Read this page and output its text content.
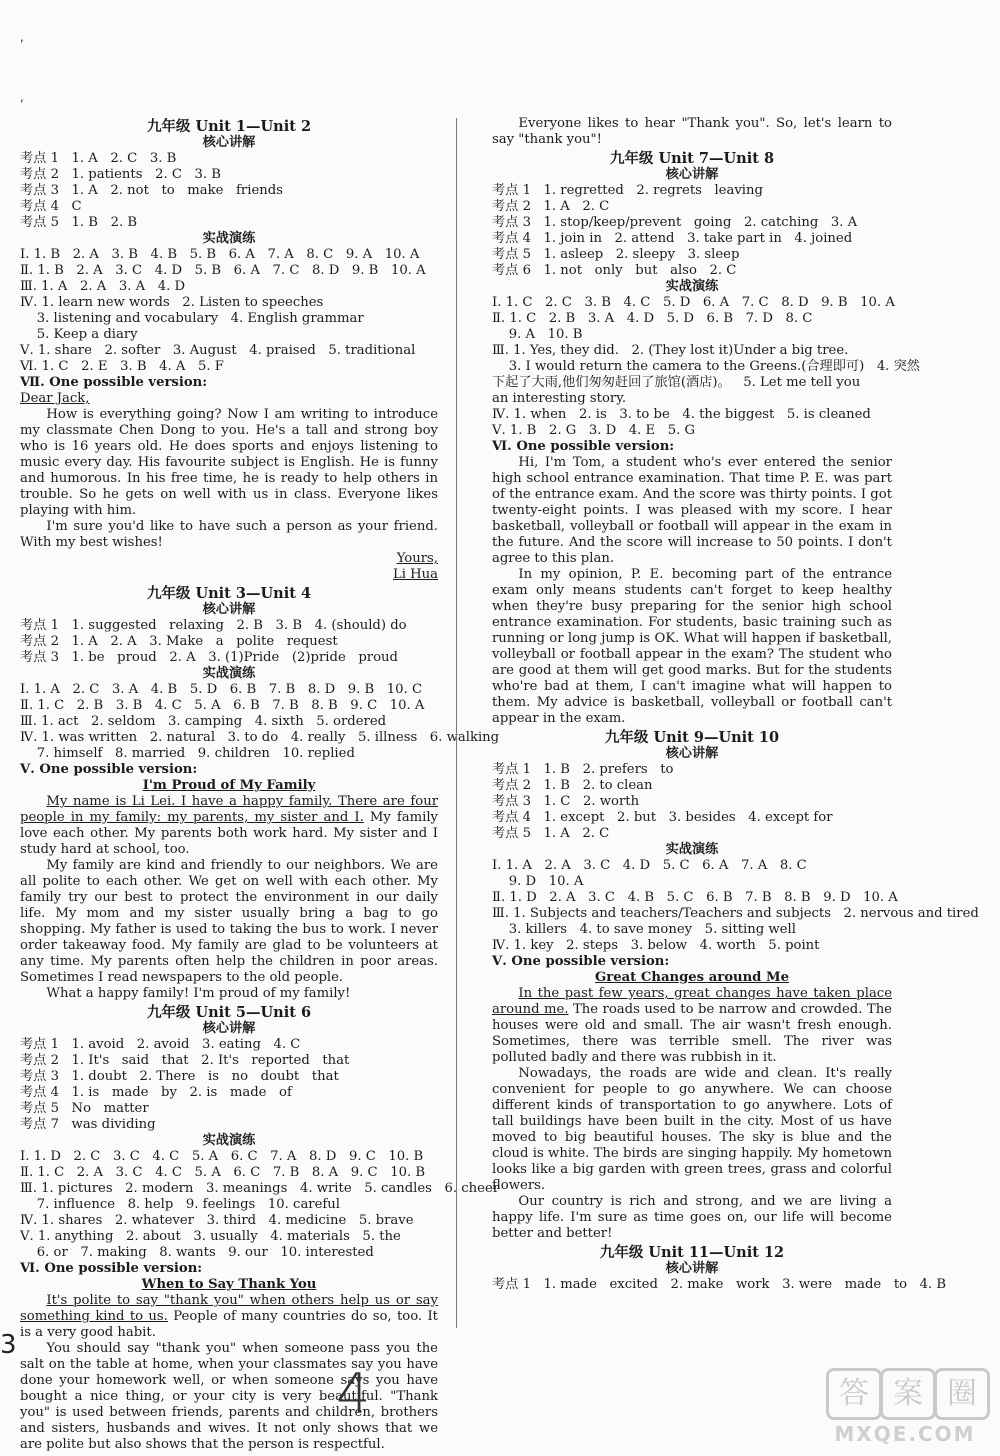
,
,
九年级 Unit 1—Unit 2
核心讲解
考点 1   1. A   2. C   3. B
考点 2   1. patients   2. C   3. B
考点 3   1. A   2. not   to   make   friends
考点 4   C
考点 5   1. B   2. B
实战演练
Ⅰ. 1. B   2. A   3. B   4. B   5. B   6. A   7. A   8. C   9. A   10. A
Ⅱ. 1. B   2. A   3. C   4. D   5. B   6. A   7. C   8. D   9. B   10. A
Ⅲ. 1. A   2. A   3. A   4. D
Ⅳ. 1. learn new words   2. Listen to speeches
3. listening and vocabulary   4. English grammar
5. Keep a diary
Ⅴ. 1. share   2. softer   3. August   4. praised   5. traditional
Ⅵ. 1. C   2. E   3. B   4. A   5. F
Ⅶ. One possible version:
Dear Jack,
How is everything going? Now I am writing to introduce my classmate Chen Dong to you. He's a tall and strong boy who is 16 years old. He does sports and enjoys listening to music every day. His favourite subject is English. He is funny and humorous. In his free time, he is ready to help others in trouble. So he gets on well with us in class. Everyone likes playing with him.
I'm sure you'd like to have such a person as your friend. With my best wishes!
Yours,
Li Hua
九年级 Unit 3—Unit 4
核心讲解
考点 1   1. suggested   relaxing   2. B   3. B   4. (should) do
考点 2   1. A   2. A   3. Make   a   polite   request
考点 3   1. be   proud   2. A   3. (1)Pride   (2)pride   proud
实战演练
Ⅰ. 1. A   2. C   3. A   4. B   5. D   6. B   7. B   8. D   9. B   10. C
Ⅱ. 1. C   2. B   3. B   4. C   5. A   6. B   7. B   8. B   9. C   10. A
Ⅲ. 1. act   2. seldom   3. camping   4. sixth   5. ordered
Ⅳ. 1. was written   2. natural   3. to do   4. really   5. illness   6. walking
7. himself   8. married   9. children   10. replied
Ⅴ. One possible version:
I'm Proud of My Family
My name is Li Lei. I have a happy family. There are four people in my family: my parents, my sister and I. My family love each other. My parents both work hard. My sister and I study hard at school, too.
My family are kind and friendly to our neighbors. We are all polite to each other. We get on well with each other. My family try our best to protect the environment in our daily life. My mom and my sister usually bring a bag to go shopping. My father is used to taking the bus to work. I never order takeaway food. My family are glad to be volunteers at any time. My parents often help the children in poor areas. Sometimes I read newspapers to the old people.
What a happy family! I'm proud of my family!
九年级 Unit 5—Unit 6
核心讲解
考点 1   1. avoid   2. avoid   3. eating   4. C
考点 2   1. It's   said   that   2. It's   reported   that
考点 3   1. doubt   2. There   is   no   doubt   that
考点 4   1. is   made   by   2. is   made   of
考点 5   No   matter
考点 7   was dividing
实战演练
Ⅰ. 1. D   2. C   3. C   4. C   5. A   6. C   7. A   8. D   9. C   10. B
Ⅱ. 1. C   2. A   3. C   4. C   5. A   6. C   7. B   8. A   9. C   10. B
Ⅲ. 1. pictures   2. modern   3. meanings   4. write   5. candles   6. cheer
7. influence   8. help   9. feelings   10. careful
Ⅳ. 1. shares   2. whatever   3. third   4. medicine   5. brave
Ⅴ. 1. anything   2. about   3. usually   4. materials   5. the
6. or   7. making   8. wants   9. our   10. interested
Ⅵ. One possible version:
When to Say Thank You
It's polite to say "thank you" when others help us or say something kind to us. People of many countries do so, too. It is a very good habit.
You should say "thank you" when someone pass you the salt on the table at home, when your classmates say you have done your homework well, or when someone says you have bought a nice thing, or your city is very beautiful. "Thank you" is used between friends, parents and children, brothers and sisters, husbands and wives. It not only shows that we are polite but also shows that the person is respectful.
Everyone likes to hear "Thank you". So, let's learn to say "thank you"!
九年级 Unit 7—Unit 8
核心讲解
考点 1   1. regretted   2. regrets   leaving
考点 2   1. A   2. C
考点 3   1. stop/keep/prevent   going   2. catching   3. A
考点 4   1. join in   2. attend   3. take part in   4. joined
考点 5   1. asleep   2. sleepy   3. sleep
考点 6   1. not   only   but   also   2. C
实战演练
Ⅰ. 1. C   2. C   3. B   4. C   5. D   6. A   7. C   8. D   9. B   10. A
Ⅱ. 1. C   2. B   3. A   4. D   5. D   6. B   7. D   8. C
9. A   10. B
Ⅲ. 1. Yes, they did.   2. (They lost it)Under a big tree.
3. I would return the camera to the Greens.(合理即可)   4. 突然
下起了大雨,他们匆匆赶回了旅馆(酒店)。   5. Let me tell you
an interesting story.
Ⅳ. 1. when   2. is   3. to be   4. the biggest   5. is cleaned
Ⅴ. 1. B   2. G   3. D   4. E   5. G
Ⅵ. One possible version:
Hi, I'm Tom, a student who's ever entered the senior high school entrance examination. That time P. E. was part of the entrance exam. And the score was thirty points. I got twenty-eight points. I was pleased with my score. I hear basketball, volleyball or football will appear in the exam in the future. And the score will increase to 50 points. I don't agree to this plan.
In my opinion, P. E. becoming part of the entrance exam only means students can't forget to keep healthy when they're busy preparing for the senior high school entrance examination. For students, basic training such as running or long jump is OK. What will happen if basketball, volleyball or football appear in the exam? The student who are good at them will get good marks. But for the students who're bad at them, I can't imagine what will happen to them. My advice is basketball, volleyball or football can't appear in the exam.
九年级 Unit 9—Unit 10
核心讲解
考点 1   1. B   2. prefers   to
考点 2   1. B   2. to clean
考点 3   1. C   2. worth
考点 4   1. except   2. but   3. besides   4. except for
考点 5   1. A   2. C
实战演练
Ⅰ. 1. A   2. A   3. C   4. D   5. C   6. A   7. A   8. C
9. D   10. A
Ⅱ. 1. D   2. A   3. C   4. B   5. C   6. B   7. B   8. B   9. D   10. A
Ⅲ. 1. Subjects and teachers/Teachers and subjects   2. nervous and tired
3. killers   4. to save money   5. sitting well
Ⅳ. 1. key   2. steps   3. below   4. worth   5. point
Ⅴ. One possible version:
Great Changes around Me
In the past few years, great changes have taken place around me. The roads used to be narrow and crowded. The houses were old and small. The air wasn't fresh enough. Sometimes, there was terrible smell. The river was polluted badly and there was rubbish in it.
Nowadays, the roads are wide and clean. It's really convenient for people to go anywhere. We can choose different kinds of transportation to go anywhere. Lots of tall buildings have been built in the city. Most of us have moved to big beautiful houses. The sky is blue and the cloud is white. The birds are singing happily. My hometown looks like a big garden with green trees, grass and colorful flowers.
Our country is rich and strong, and we are living a happy life. I'm sure as time goes on, our life will become better and better!
九年级 Unit 11—Unit 12
核心讲解
考点 1   1. made   excited   2. make   work   3. were   made   to   4. B
3
4	答 案 圈
MXQE.COM
